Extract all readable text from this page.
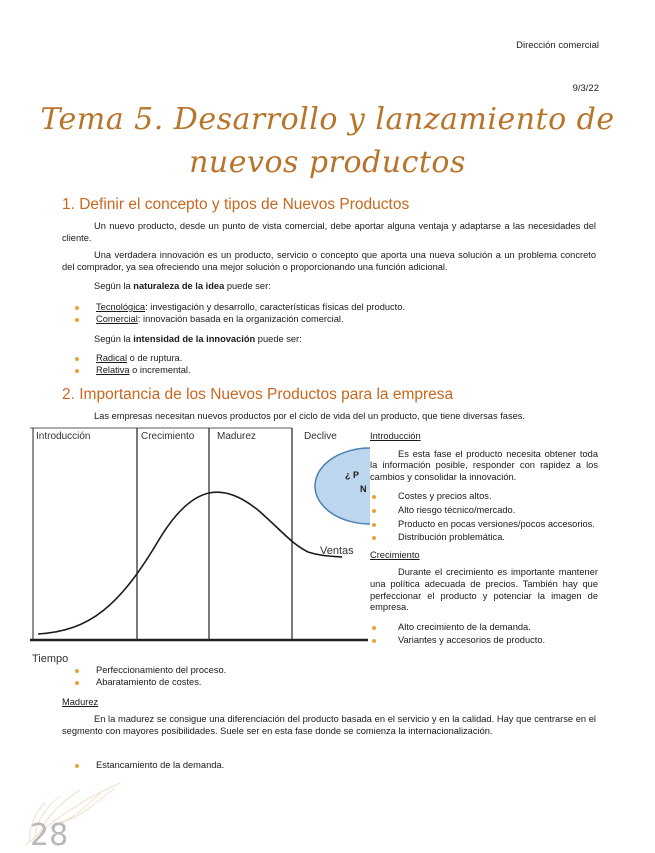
Dirección comercial
9/3/22
Tema 5. Desarrollo y lanzamiento de
nuevos productos
1. Definir el concepto y tipos de Nuevos Productos
Un nuevo producto, desde un punto de vista comercial, debe aportar alguna ventaja y adaptarse a las necesidades del cliente.
Una verdadera innovación es un producto, servicio o concepto que aporta una nueva solución a un problema concreto del comprador, ya sea ofreciendo una mejor solución o proporcionando una función adicional.
Según la naturaleza de la idea puede ser:
Tecnológica: investigación y desarrollo, características físicas del producto.
Comercial: innovación basada en la organización comercial.
Según la intensidad de la innovación puede ser:
Radical o de ruptura.
Relativa o incremental.
2. Importancia de los Nuevos Productos para la empresa
Las empresas necesitan nuevos productos por el ciclo de vida del un producto, que tiene diversas fases.
Introducción	Crecimiento Madurez	Declive
¿ P
N
Ventas
Tiempo
Introducción
Es esta fase el producto necesita obtener toda la información posible, responder con rapidez a los cambios y consolidar la innovación.
Costes y precios altos.
Alto riesgo técnico/mercado.
Producto en pocas versiones/pocos accesorios.
Distribución problemática.
Crecimiento
Durante el crecimiento es importante mantener una política adecuada de precios. También hay que perfeccionar el producto y potenciar la imagen de empresa.
Alto crecimiento de la demanda.
Variantes y accesorios de producto.
Perfeccionamiento del proceso.
Abaratamiento de costes.
Madurez
En la madurez se consigue una diferenciación del producto basada en el servicio y en la calidad. Hay que centrarse en el segmento con mayores posibilidades. Suele ser en esta fase donde se comienza la internacionalización.
Estancamiento de la demanda.
28
